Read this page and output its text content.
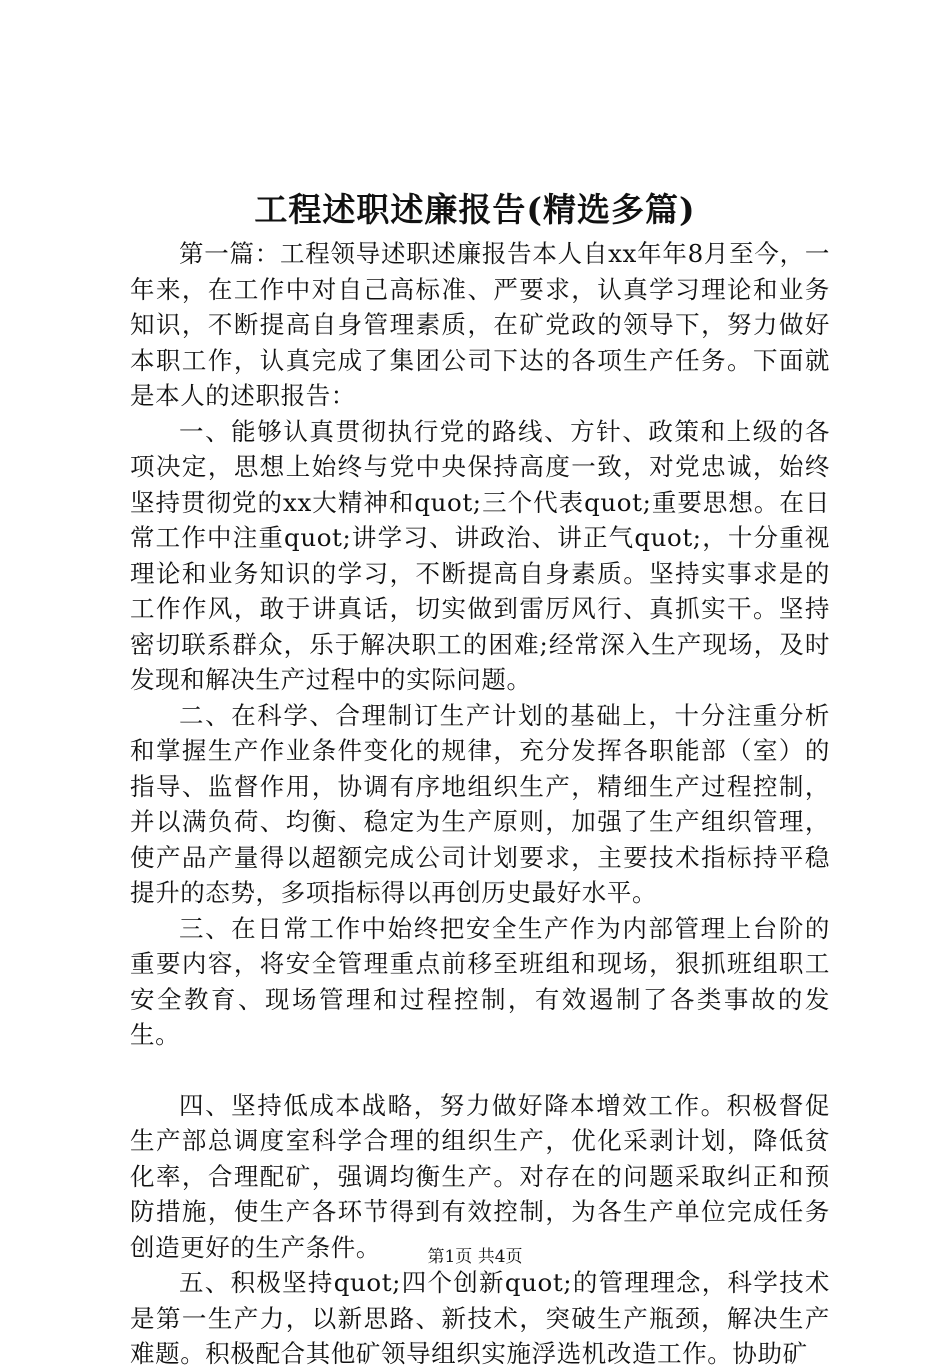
工程述职述廉报告(精选多篇)

第一篇：工程领导述职述廉报告本人自xx年年8月至今，一年来，在工作中对自己高标准、严要求，认真学习理论和业务知识，不断提高自身管理素质，在矿党政的领导下，努力做好本职工作，认真完成了集团公司下达的各项生产任务。下面就是本人的述职报告：

一、能够认真贯彻执行党的路线、方针、政策和上级的各项决定，思想上始终与党中央保持高度一致，对党忠诚，始终坚持贯彻党的xx大精神和quot;三个代表quot;重要思想。在日常工作中注重quot;讲学习、讲政治、讲正气quot;，十分重视理论和业务知识的学习，不断提高自身素质。坚持实事求是的工作作风，敢于讲真话，切实做到雷厉风行、真抓实干。坚持密切联系群众，乐于解决职工的困难;经常深入生产现场，及时发现和解决生产过程中的实际问题。

二、在科学、合理制订生产计划的基础上，十分注重分析和掌握生产作业条件变化的规律，充分发挥各职能部（室）的指导、监督作用，协调有序地组织生产，精细生产过程控制，并以满负荷、均衡、稳定为生产原则，加强了生产组织管理，使产品产量得以超额完成公司计划要求，主要技术指标持平稳提升的态势，多项指标得以再创历史最好水平。

三、在日常工作中始终把安全生产作为内部管理上台阶的重要内容，将安全管理重点前移至班组和现场，狠抓班组职工安全教育、现场管理和过程控制，有效遏制了各类事故的发生。

四、坚持低成本战略，努力做好降本增效工作。积极督促生产部总调度室科学合理的组织生产，优化采剥计划，降低贫化率，合理配矿，强调均衡生产。对存在的问题采取纠正和预防措施，使生产各环节得到有效控制，为各生产单位完成任务创造更好的生产条件。

五、积极坚持quot;四个创新quot;的管理理念，科学技术是第一生产力，以新思路、新技术，突破生产瓶颈，解决生产难题。积极配合其他矿领导组织实施浮选机改造工作。协助矿

第1页 共4页
